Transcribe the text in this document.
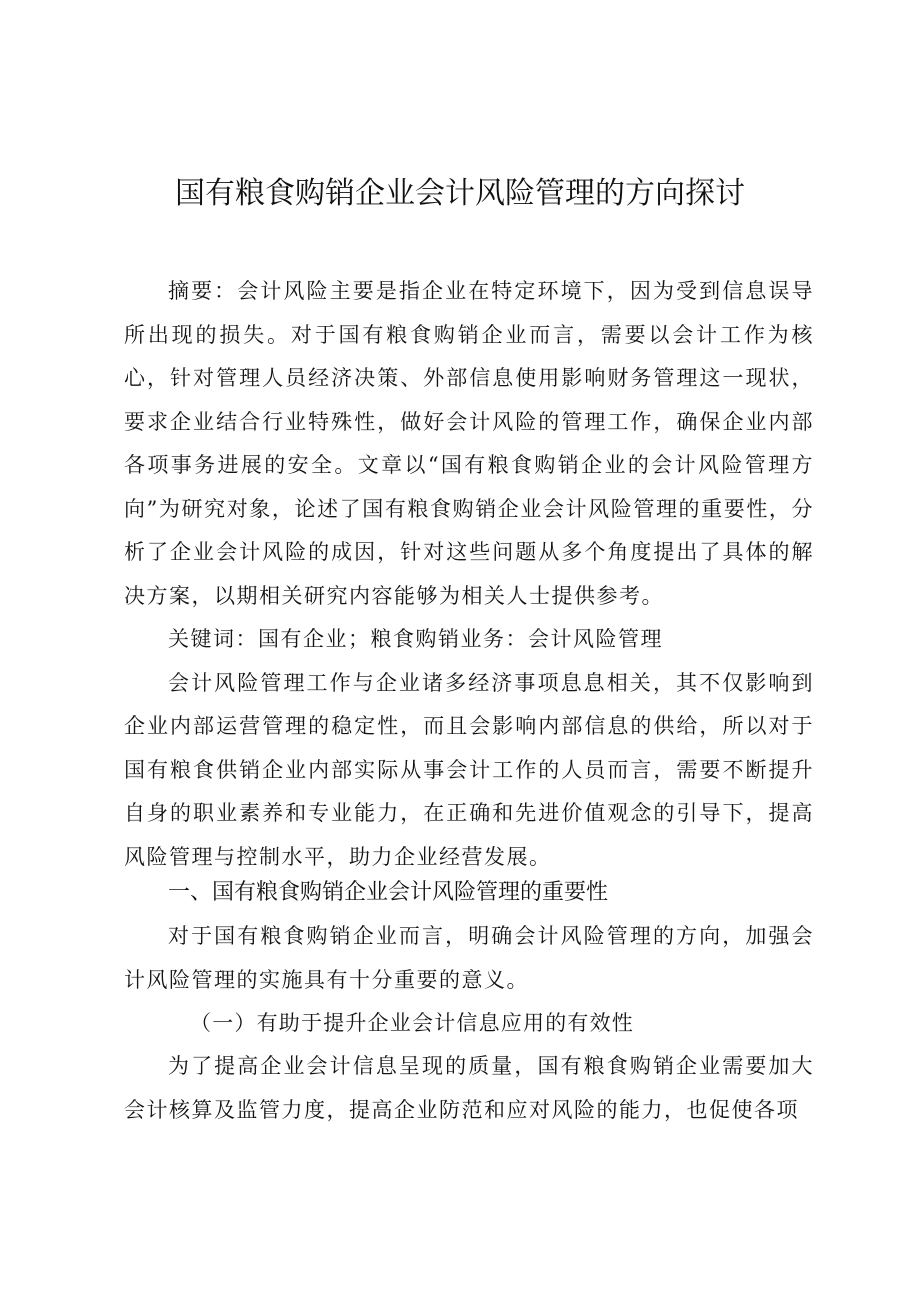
国有粮食购销企业会计风险管理的方向探讨

摘要：会计风险主要是指企业在特定环境下，因为受到信息误导所出现的损失。对于国有粮食购销企业而言，需要以会计工作为核心，针对管理人员经济决策、外部信息使用影响财务管理这一现状，要求企业结合行业特殊性，做好会计风险的管理工作，确保企业内部各项事务进展的安全。文章以“国有粮食购销企业的会计风险管理方向”为研究对象，论述了国有粮食购销企业会计风险管理的重要性，分析了企业会计风险的成因，针对这些问题从多个角度提出了具体的解决方案，以期相关研究内容能够为相关人士提供参考。

关键词：国有企业；粮食购销业务：会计风险管理

会计风险管理工作与企业诸多经济事项息息相关，其不仅影响到企业内部运营管理的稳定性，而且会影响内部信息的供给，所以对于国有粮食供销企业内部实际从事会计工作的人员而言，需要不断提升自身的职业素养和专业能力，在正确和先进价值观念的引导下，提高风险管理与控制水平，助力企业经营发展。

一、国有粮食购销企业会计风险管理的重要性

对于国有粮食购销企业而言，明确会计风险管理的方向，加强会计风险管理的实施具有十分重要的意义。

（一）有助于提升企业会计信息应用的有效性

为了提高企业会计信息呈现的质量，国有粮食购销企业需要加大会计核算及监管力度，提高企业防范和应对风险的能力，也促使各项
